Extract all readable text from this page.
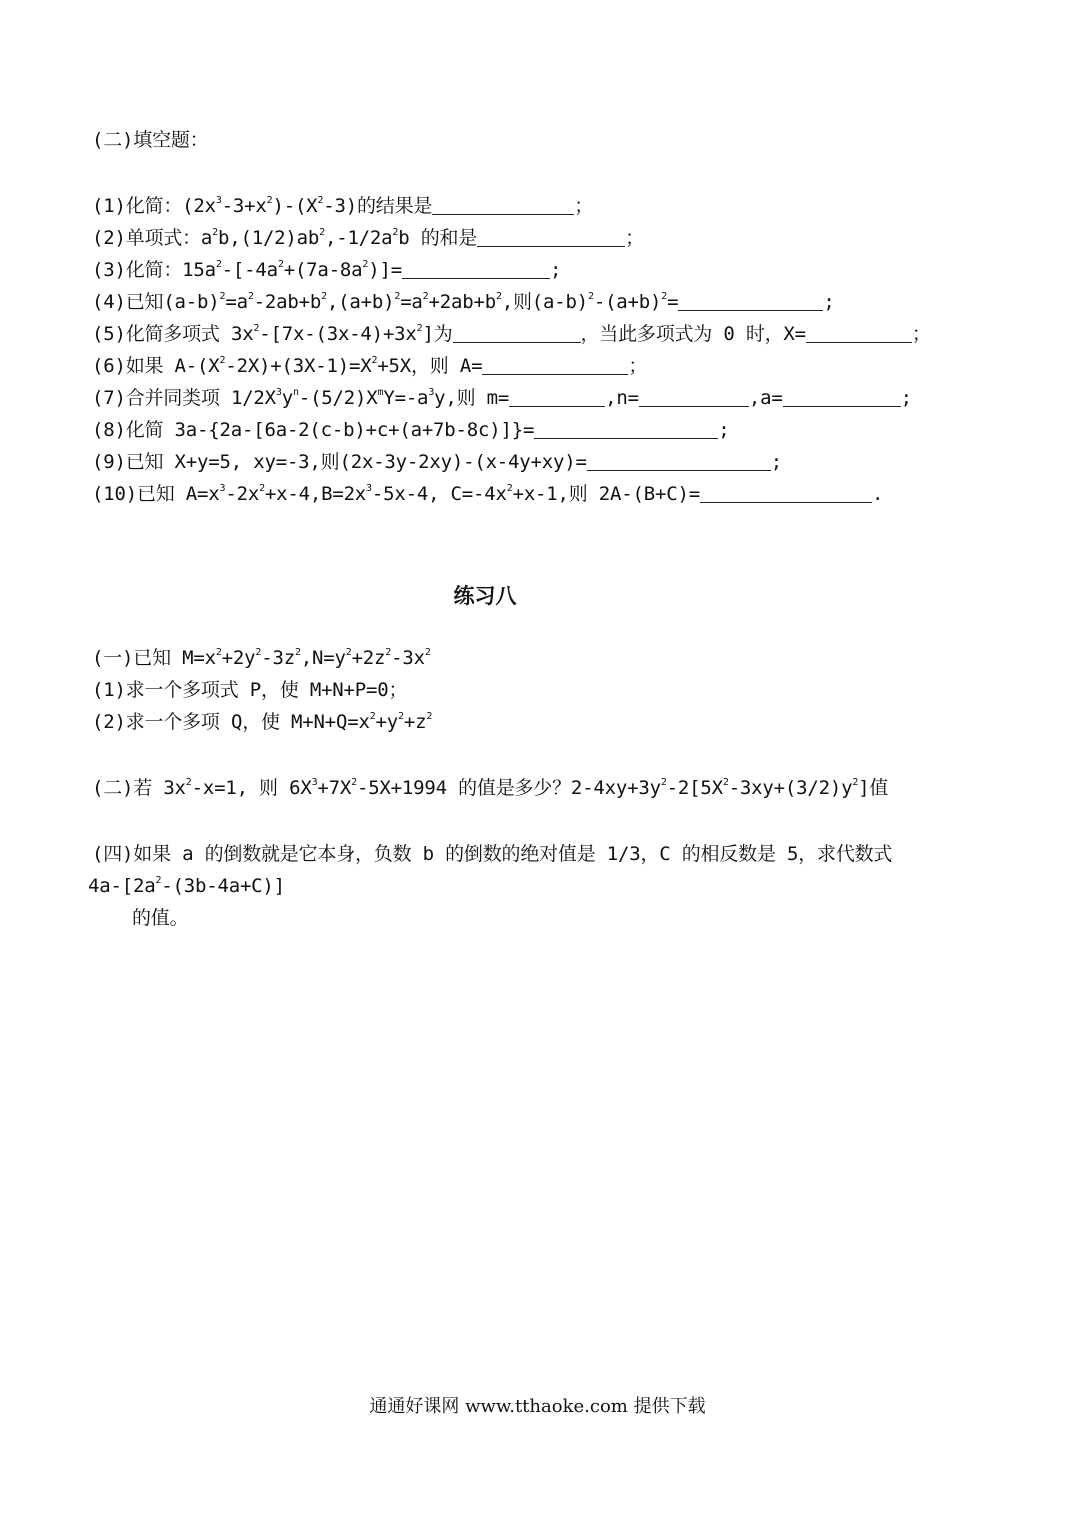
(二)填空题：
(1)化简：$(2x^3-3+x^2)-(X^2-3)$的结果是	；
(2)单项式：$a^2b,(1/2)ab^2,-1/2a^2b$ 的和是	；
(3)化简：$15a^2-[-4a^2+(7a-8a^2)]=$	;
(4)已知$(a-b)^2=a^2-2ab+b^2,(a+b)^2=a^2+2ab+b^2$,则$(a-b)^2-(a+b)^2=$	;
(5)化简多项式 $3x^2-[7x-(3x-4)+3x^2]$为	，当此多项式为 0 时，X=	；
(6)如果 $A-(X^2-2X)+(3X-1)=X^2+5X$，则 A=	；
(7)合并同类项 $1/2X^3y^n-(5/2)X^mY=-a^3y$,则 m=	,n=	,a=	;
(8)化简 3a-{2a-[6a-2(c-b)+c+(a+7b-8c)]}=	;
(9)已知 X+y=5, xy=-3,则(2x-3y-2xy)-(x-4y+xy)=	;
(10)已知 $A=x^3-2x^2+x-4,B=2x^3-5x-4$, $C=-4x^2+x-1$,则 2A-(B+C)=	.
练习八
(一)已知 $M=x^2+2y^2-3z^2,N=y^2+2z^2-3x^2$
(1)求一个多项式 P，使 M+N+P=0；
(2)求一个多项 Q，使 $M+N+Q=x^2+y^2+z^2$
(二)若 $3x^2-x=1$, 则 $6X^3+7X^2-5X+1994$ 的值是多少？$2-4xy+3y^2-2[5X^2-3xy+(3/2)y^2]$值
(四)如果 a 的倒数就是它本身，负数 b 的倒数的绝对值是 1/3，C 的相反数是 5，求代数式
$4a-[2a^2-(3b-4a+C)]$
的值。
通通好课网 www.tthaoke.com 提供下载
